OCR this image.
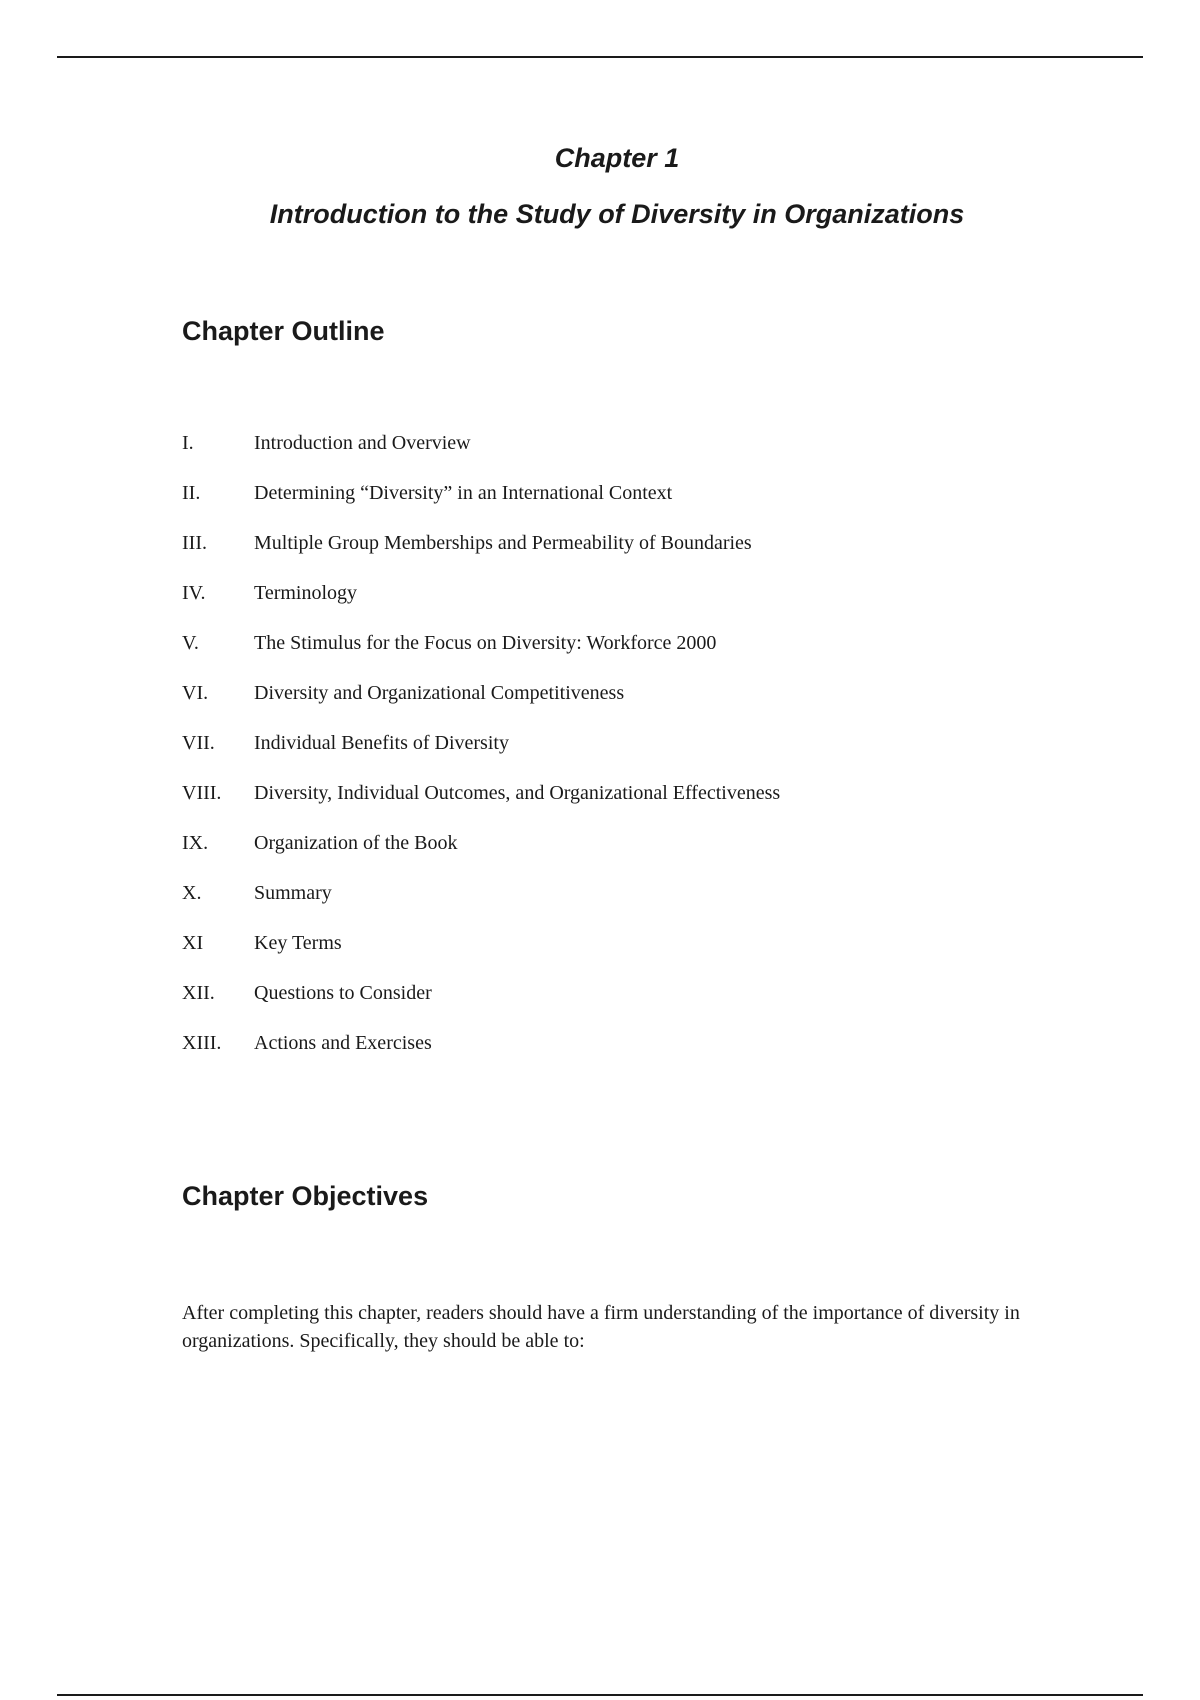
Chapter 1
Introduction to the Study of Diversity in Organizations
Chapter Outline
I.	Introduction and Overview
II.	Determining “Diversity” in an International Context
III.	Multiple Group Memberships and Permeability of Boundaries
IV.	Terminology
V.	The Stimulus for the Focus on Diversity: Workforce 2000
VI.	Diversity and Organizational Competitiveness
VII.	Individual Benefits of Diversity
VIII.	Diversity, Individual Outcomes, and Organizational Effectiveness
IX.	Organization of the Book
X.	Summary
XI	Key Terms
XII.	Questions to Consider
XIII.	Actions and Exercises
Chapter Objectives

After completing this chapter, readers should have a firm understanding of the importance of diversity in organizations. Specifically, they should be able to:
